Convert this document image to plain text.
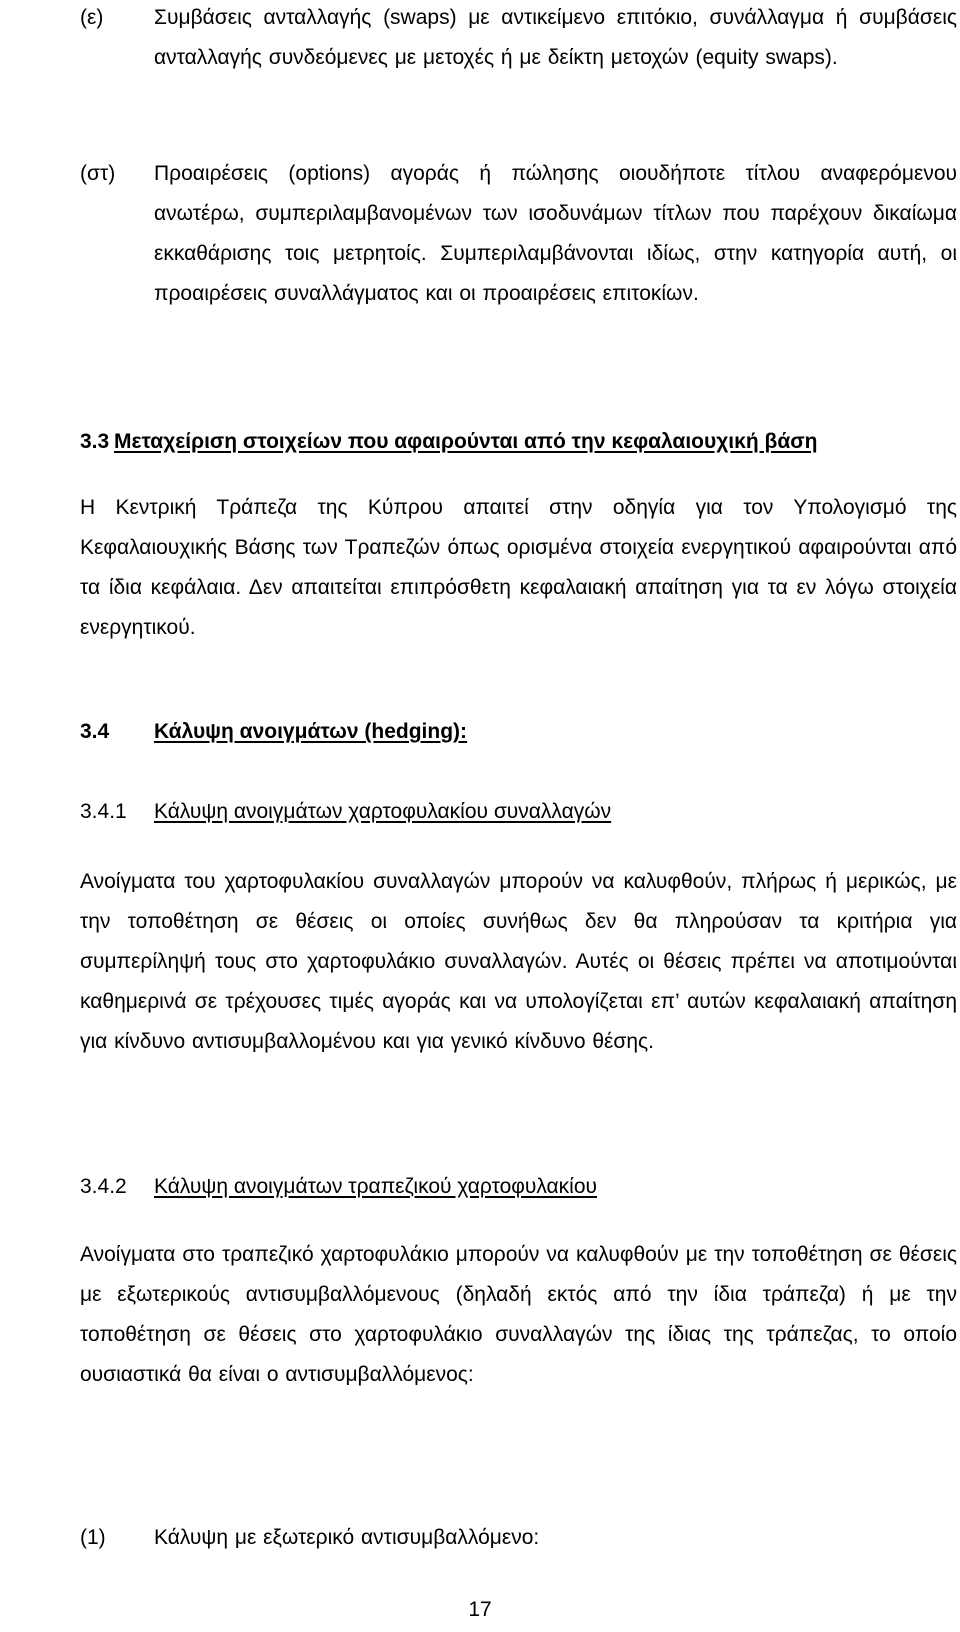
(ε) Συμβάσεις ανταλλαγής (swaps) με αντικείμενο επιτόκιο, συνάλλαγμα ή συμβάσεις ανταλλαγής συνδεόμενες με μετοχές ή με δείκτη μετοχών (equity swaps).
(στ) Προαιρέσεις (options) αγοράς ή πώλησης οιουδήποτε τίτλου αναφερόμενου ανωτέρω, συμπεριλαμβανομένων των ισοδυνάμων τίτλων που παρέχουν δικαίωμα εκκαθάρισης τοις μετρητοίς. Συμπεριλαμβάνονται ιδίως, στην κατηγορία αυτή, οι προαιρέσεις συναλλάγματος και οι προαιρέσεις επιτοκίων.
3.3 Μεταχείριση στοιχείων που αφαιρούνται από την κεφαλαιουχική βάση
Η Κεντρική Τράπεζα της Κύπρου απαιτεί στην οδηγία για τον Υπολογισμό της Κεφαλαιουχικής Βάσης των Τραπεζών όπως ορισμένα στοιχεία ενεργητικού αφαιρούνται από τα ίδια κεφάλαια. Δεν απαιτείται επιπρόσθετη κεφαλαιακή απαίτηση για τα εν λόγω στοιχεία ενεργητικού.
3.4 Κάλυψη ανοιγμάτων (hedging):
3.4.1 Κάλυψη ανοιγμάτων χαρτοφυλακίου συναλλαγών
Ανοίγματα του χαρτοφυλακίου συναλλαγών μπορούν να καλυφθούν, πλήρως ή μερικώς, με την τοποθέτηση σε θέσεις οι οποίες συνήθως δεν θα πληρούσαν τα κριτήρια για συμπερίληψή τους στο χαρτοφυλάκιο συναλλαγών. Αυτές οι θέσεις πρέπει να αποτιμούνται καθημερινά σε τρέχουσες τιμές αγοράς και να υπολογίζεται επ’ αυτών κεφαλαιακή απαίτηση για κίνδυνο αντισυμβαλλομένου και για γενικό κίνδυνο θέσης.
3.4.2 Κάλυψη ανοιγμάτων τραπεζικού χαρτοφυλακίου
Ανοίγματα στο τραπεζικό χαρτοφυλάκιο μπορούν να καλυφθούν με την τοποθέτηση σε θέσεις με εξωτερικούς αντισυμβαλλόμενους (δηλαδή εκτός από την ίδια τράπεζα) ή με την τοποθέτηση σε θέσεις στο χαρτοφυλάκιο συναλλαγών της ίδιας της τράπεζας, το οποίο ουσιαστικά θα είναι ο αντισυμβαλλόμενος:
(1) Κάλυψη με εξωτερικό αντισυμβαλλόμενο:
17
